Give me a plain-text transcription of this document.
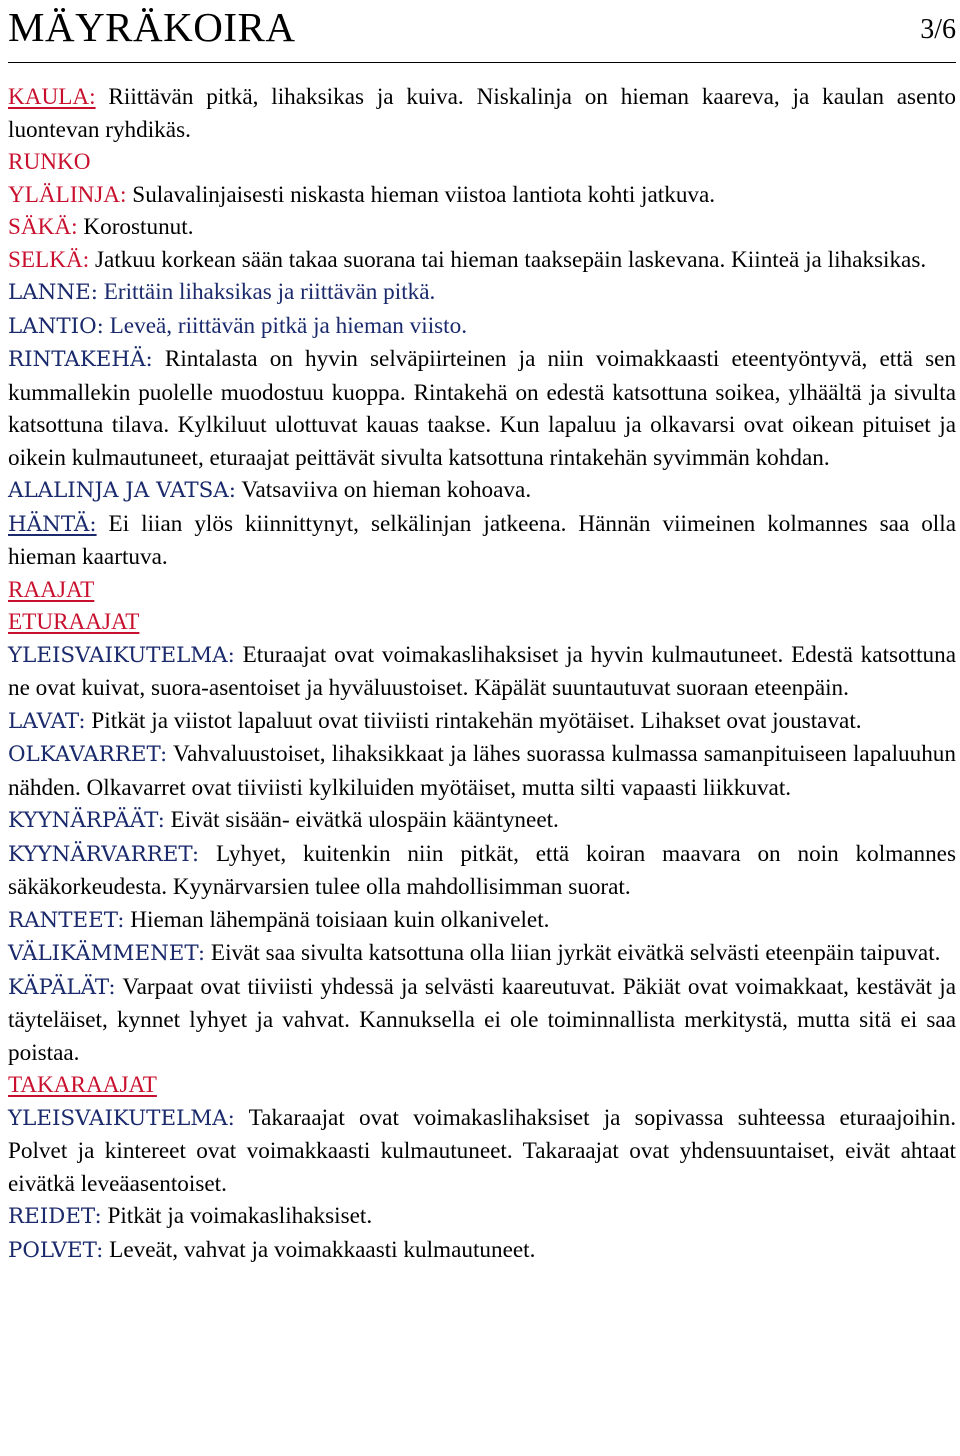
MÄYRÄKOIRA	3/6

KAULA: Riittävän pitkä, lihaksikas ja kuiva. Niskalinja on hieman kaareva, ja kaulan asento luontevan ryhdikäs.

RUNKO

YLÄLINJA: Sulavalinjaisesti niskasta hieman viistoa lantiota kohti jatkuva.

SÄKÄ: Korostunut.

SELKÄ: Jatkuu korkean sään takaa suorana tai hieman taaksepäin laskevana. Kiinteä ja lihaksikas.

LANNE: Erittäin lihaksikas ja riittävän pitkä.

LANTIO: Leveä, riittävän pitkä ja hieman viisto.

RINTAKEHÄ: Rintalasta on hyvin selväpiirteinen ja niin voimakkaasti eteentyöntyvä, että sen kummallekin puolelle muodostuu kuoppa. Rintakehä on edestä katsottuna soikea, ylhäältä ja sivulta katsottuna tilava. Kylkiluut ulottuvat kauas taakse. Kun lapaluu ja olkavarsi ovat oikean pituiset ja oikein kulmautuneet, eturaajat peittävät sivulta katsottuna rintakehän syvimmän kohdan.

ALALINJA JA VATSA: Vatsaviiva on hieman kohoava.

HÄNTÄ: Ei liian ylös kiinnittynyt, selkälinjan jatkeena. Hännän viimeinen kolmannes saa olla hieman kaartuva.

RAAJAT

ETURAAJAT

YLEISVAIKUTELMA: Eturaajat ovat voimakaslihaksiset ja hyvin kulmautuneet. Edestä katsottuna ne ovat kuivat, suora-asentoiset ja hyväluustoiset. Käpälät suuntautuvat suoraan eteenpäin.

LAVAT: Pitkät ja viistot lapaluut ovat tiiviisti rintakehän myötäiset. Lihakset ovat joustavat.

OLKAVARRET: Vahvaluustoiset, lihaksikkaat ja lähes suorassa kulmassa samanpituiseen lapaluuhun nähden. Olkavarret ovat tiiviisti kylkiluiden myötäiset, mutta silti vapaasti liikkuvat.

KYYNÄRPÄÄT: Eivät sisään- eivätkä ulospäin kääntyneet.

KYYNÄRVARRET: Lyhyet, kuitenkin niin pitkät, että koiran maavara on noin kolmannes säkäkorkeudesta. Kyynärvarsien tulee olla mahdollisimman suorat.

RANTEET: Hieman lähempänä toisiaan kuin olkanivelet.

VÄLIKÄMMENET: Eivät saa sivulta katsottuna olla liian jyrkät eivätkä selvästi eteenpäin taipuvat.

KÄPÄLÄT: Varpaat ovat tiiviisti yhdessä ja selvästi kaareutuvat. Päkiät ovat voimakkaat, kestävät ja täyteläiset, kynnet lyhyet ja vahvat. Kannuksella ei ole toiminnallista merkitystä, mutta sitä ei saa poistaa.

TAKARAAJAT

YLEISVAIKUTELMA: Takaraajat ovat voimakaslihaksiset ja sopivassa suhteessa eturaajoihin. Polvet ja kintereet ovat voimakkaasti kulmautuneet. Takaraajat ovat yhdensuuntaiset, eivät ahtaat eivätkä leveäasentoiset.

REIDET: Pitkät ja voimakaslihaksiset.

POLVET: Leveät, vahvat ja voimakkaasti kulmautuneet.
